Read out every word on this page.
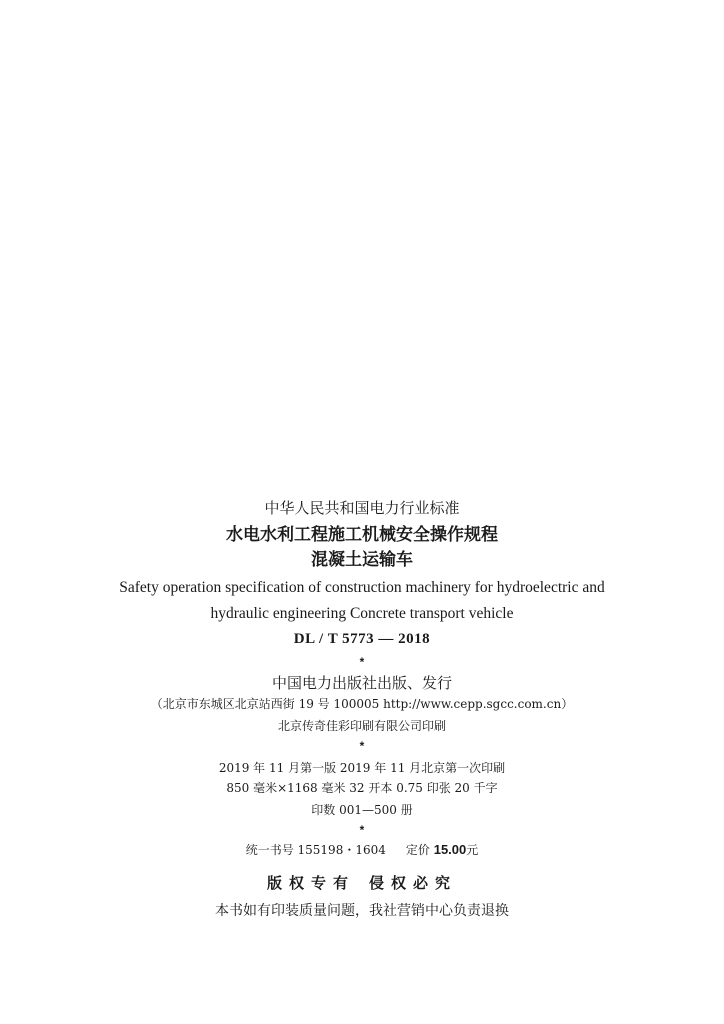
中华人民共和国电力行业标准
水电水利工程施工机械安全操作规程
混凝土运输车
Safety operation specification of construction machinery for hydroelectric and
hydraulic engineering Concrete transport vehicle
DL / T 5773 — 2018
*
中国电力出版社出版、发行
（北京市东城区北京站西街 19 号 100005 http://www.cepp.sgcc.com.cn）
北京传奇佳彩印刷有限公司印刷
*
2019 年 11 月第一版 2019 年 11 月北京第一次印刷
850 毫米×1168 毫米 32 开本 0.75 印张 20 千字
印数 001—500 册
*
统一书号 155198・1604 定价 15.00元
版权专有 侵权必究
本书如有印装质量问题，我社营销中心负责退换
